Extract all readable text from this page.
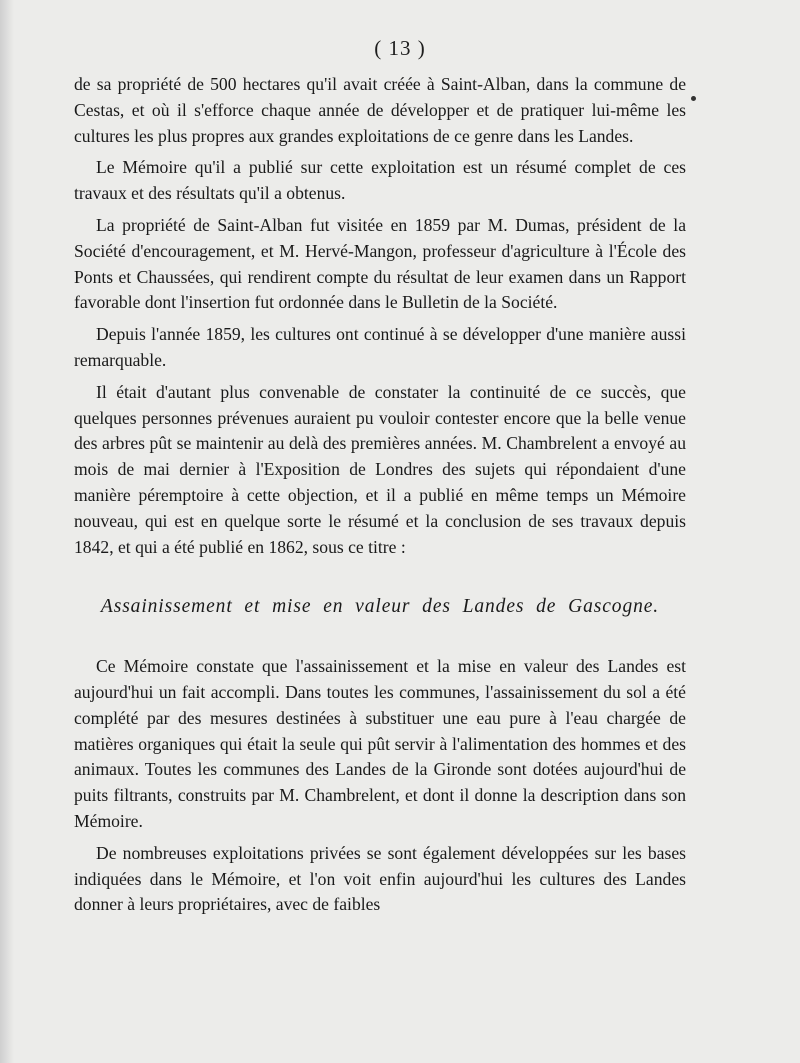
( 13 )

de sa propriété de 500 hectares qu'il avait créée à Saint-Alban, dans la commune de Cestas, et où il s'efforce chaque année de développer et de pratiquer lui-même les cultures les plus propres aux grandes exploitations de ce genre dans les Landes.

Le Mémoire qu'il a publié sur cette exploitation est un résumé complet de ces travaux et des résultats qu'il a obtenus.

La propriété de Saint-Alban fut visitée en 1859 par M. Dumas, président de la Société d'encouragement, et M. Hervé-Mangon, professeur d'agriculture à l'École des Ponts et Chaussées, qui rendirent compte du résultat de leur examen dans un Rapport favorable dont l'insertion fut ordonnée dans le Bulletin de la Société.

Depuis l'année 1859, les cultures ont continué à se développer d'une manière aussi remarquable.

Il était d'autant plus convenable de constater la continuité de ce succès, que quelques personnes prévenues auraient pu vouloir contester encore que la belle venue des arbres pût se maintenir au delà des premières années. M. Chambrelent a envoyé au mois de mai dernier à l'Exposition de Londres des sujets qui répondaient d'une manière péremptoire à cette objection, et il a publié en même temps un Mémoire nouveau, qui est en quelque sorte le résumé et la conclusion de ses travaux depuis 1842, et qui a été publié en 1862, sous ce titre :

Assainissement et mise en valeur des Landes de Gascogne.

Ce Mémoire constate que l'assainissement et la mise en valeur des Landes est aujourd'hui un fait accompli. Dans toutes les communes, l'assainissement du sol a été complété par des mesures destinées à substituer une eau pure à l'eau chargée de matières organiques qui était la seule qui pût servir à l'alimentation des hommes et des animaux. Toutes les communes des Landes de la Gironde sont dotées aujourd'hui de puits filtrants, construits par M. Chambrelent, et dont il donne la description dans son Mémoire.

De nombreuses exploitations privées se sont également développées sur les bases indiquées dans le Mémoire, et l'on voit enfin aujourd'hui les cultures des Landes donner à leurs propriétaires, avec de faibles
